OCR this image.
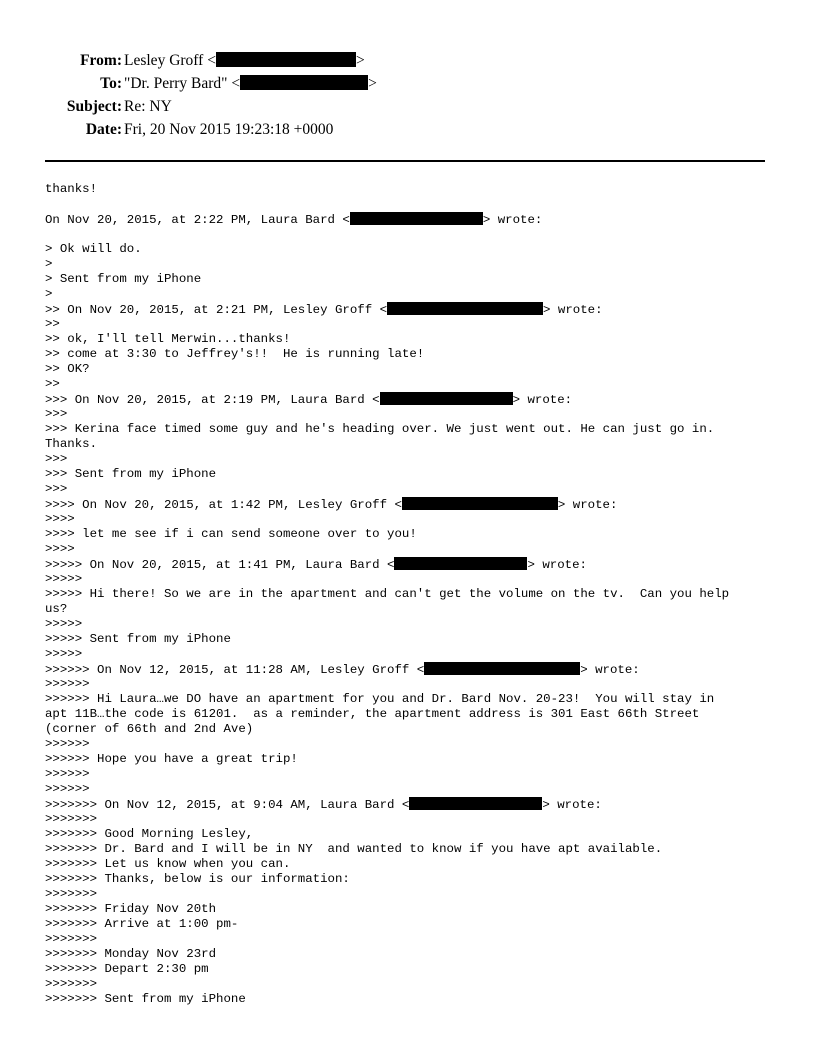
From: Lesley Groff <	>
To: "Dr. Perry Bard" <	>
Subject: Re: NY
Date: Fri, 20 Nov 2015 19:23:18 +0000
thanks!
On Nov 20, 2015, at 2:22 PM, Laura Bard <	> wrote:
> Ok will do.
>
> Sent from my iPhone
>
>> On Nov 20, 2015, at 2:21 PM, Lesley Groff <	> wrote:
>>
>> ok, I'll tell Merwin...thanks!
>> come at 3:30 to Jeffrey's!!  He is running late!
>> OK?
>>
>>> On Nov 20, 2015, at 2:19 PM, Laura Bard <	> wrote:
>>>
>>> Kerina face timed some guy and he's heading over. We just went out. He can just go in.
Thanks.
>>>
>>> Sent from my iPhone
>>>
>>>> On Nov 20, 2015, at 1:42 PM, Lesley Groff <	> wrote:
>>>>
>>>> let me see if i can send someone over to you!
>>>>
>>>>> On Nov 20, 2015, at 1:41 PM, Laura Bard <	> wrote:
>>>>>
>>>>> Hi there! So we are in the apartment and can't get the volume on the tv.  Can you help
us?
>>>>>
>>>>> Sent from my iPhone
>>>>>
>>>>>> On Nov 12, 2015, at 11:28 AM, Lesley Groff <	> wrote:
>>>>>>
>>>>>> Hi Laura…we DO have an apartment for you and Dr. Bard Nov. 20-23!  You will stay in
apt 11B…the code is 61201.  as a reminder, the apartment address is 301 East 66th Street
(corner of 66th and 2nd Ave)
>>>>>>
>>>>>> Hope you have a great trip!
>>>>>>
>>>>>>
>>>>>>> On Nov 12, 2015, at 9:04 AM, Laura Bard <	> wrote:
>>>>>>>
>>>>>>> Good Morning Lesley,
>>>>>>> Dr. Bard and I will be in NY  and wanted to know if you have apt available.
>>>>>>> Let us know when you can.
>>>>>>> Thanks, below is our information:
>>>>>>>
>>>>>>> Friday Nov 20th
>>>>>>> Arrive at 1:00 pm-
>>>>>>>
>>>>>>> Monday Nov 23rd
>>>>>>> Depart 2:30 pm
>>>>>>>
>>>>>>> Sent from my iPhone
